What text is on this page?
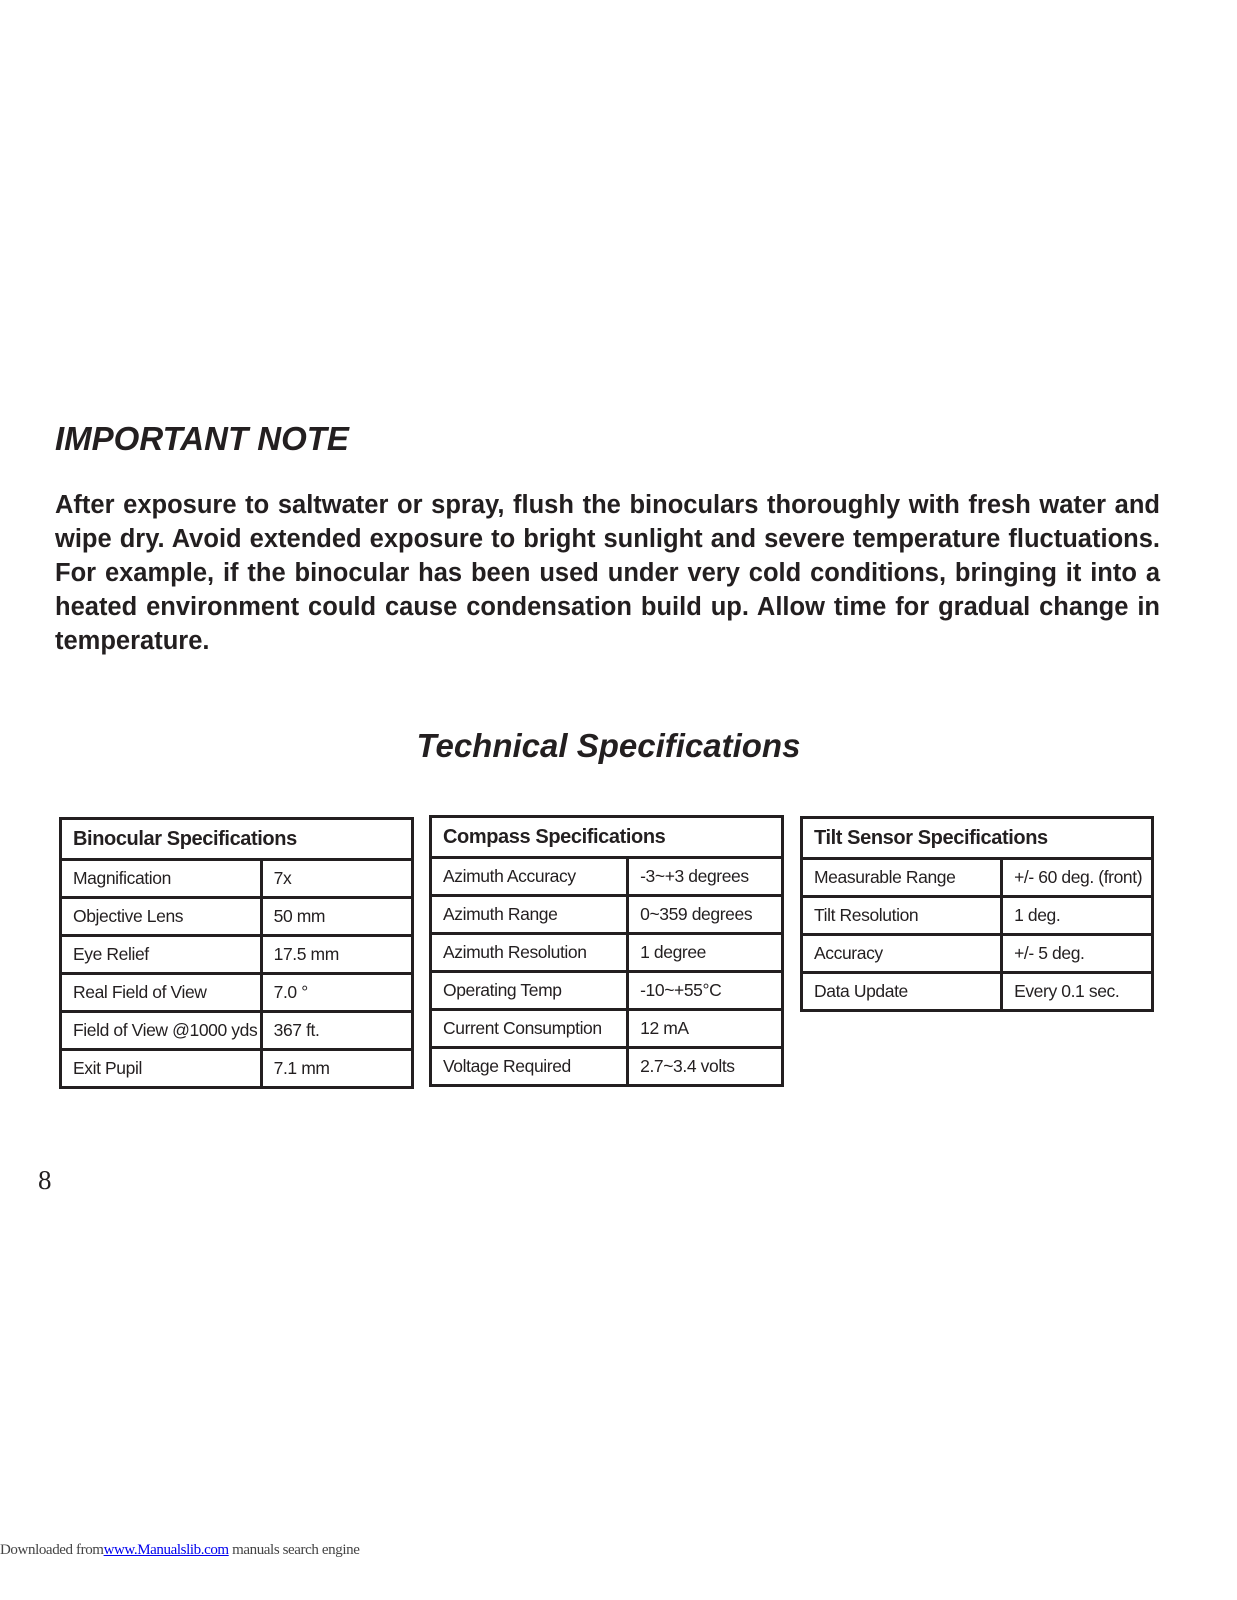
IMPORTANT NOTE

After exposure to saltwater or spray, flush the binoculars thoroughly with fresh water and wipe dry. Avoid extended exposure to bright sunlight and severe temperature fluctuations. For example, if the binocular has been used under very cold conditions, bringing it into a heated environment could cause condensation build up. Allow time for gradual change in temperature.

Technical Specifications
Binocular Specifications	
Magnification	7x
Objective Lens	50 mm
Eye Relief	17.5 mm
Real Field of View	7.0 °
Field of View @1000 yds	367 ft.
Exit Pupil	7.1 mm
Compass Specifications	
Azimuth Accuracy	-3~+3 degrees
Azimuth Range	0~359 degrees
Azimuth Resolution	1 degree
Operating Temp	-10~+55°C
Current Consumption	12 mA
Voltage Required	2.7~3.4 volts
Tilt Sensor Specifications	
Measurable Range	+/- 60 deg. (front)
Tilt Resolution	1 deg.
Accuracy	+/- 5 deg.
Data Update	Every 0.1 sec.
8
Downloaded fromwww.Manualslib.com manuals search engine
